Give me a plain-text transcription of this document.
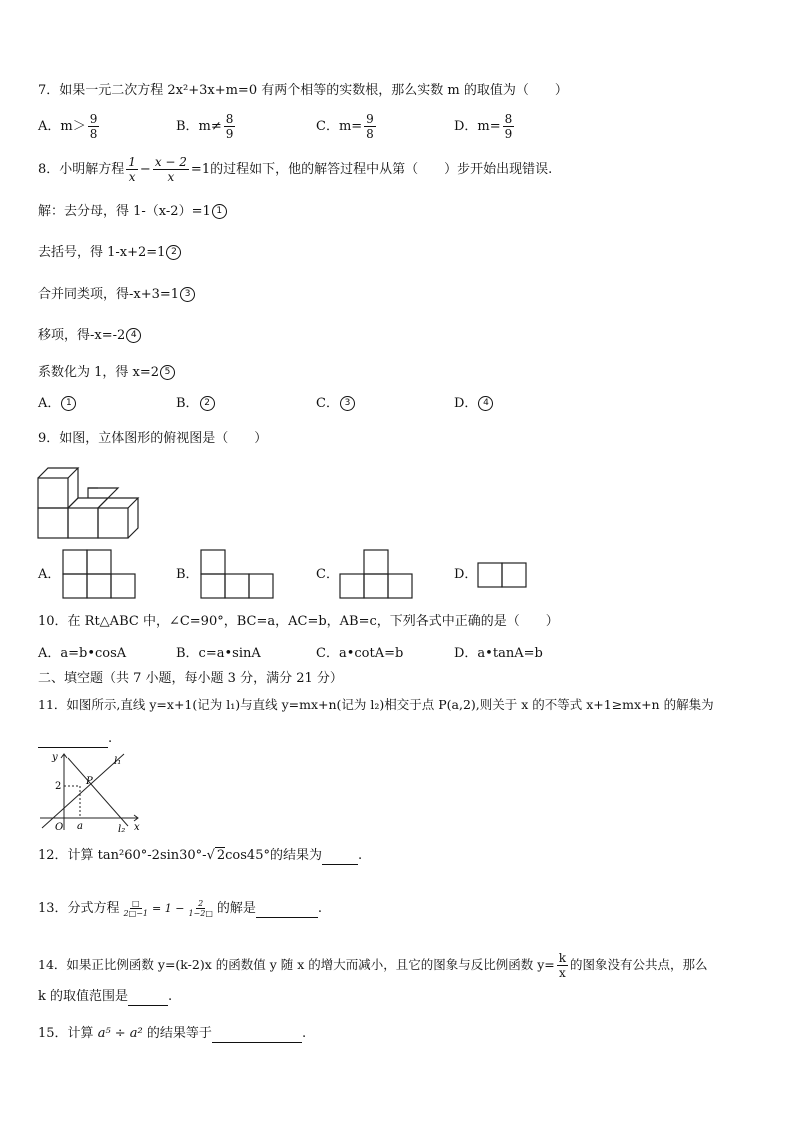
7．如果一元二次方程 2x²+3x+m=0 有两个相等的实数根，那么实数 m 的取值为（　　）
A．$m> \frac{9}{8}$	B．$m\ne \frac{8}{9}$	C．$m= \frac{9}{8}$	D．$m= \frac{8}{9}$
8．小明解方程 $\frac{1}{x} - \frac{x - 2}{x} =1$的过程如下，他的解答过程中从第（　　）步开始出现错误.
解：去分母，得 1-（x-2）=1 1
去括号，得 1-x+2=1 2
合并同类项，得-x+3=1 3
移项，得-x=-2 4
系数化为 1，得 x=2 5
A． 1	B． 2	C． 3	D． 4
9．如图，立体图形的俯视图是（　　）
A．	B．	C．	D．
10．在 Rt△ABC 中，∠C=90°，BC=a，AC=b，AB=c，下列各式中正确的是（　　）
A．a=b•cosA	B．c=a•sinA	C．a•cotA=b	D．a•tanA=b
二、填空题（共 7 小题，每小题 3 分，满分 21 分）
11．如图所示,直线 y=x+1(记为 l₁)与直线 y=mx+n(记为 l₂)相交于点 P(a,2),则关于 x 的不等式 x+1≥mx+n 的解集为
.
y
x
O a
2 P
l₁
l₂
12．计算 tan²60°-2sin30°-√ 2cos45°的结果为	.
13．分式方程 $\frac{□}{2□-1} = 1 - \frac{2}{1-2□}$ 的解是	.
14．如果正比例函数 y=(k-2)x 的函数值 y 随 x 的增大而减小，且它的图象与反比例函数 $y= \frac{k}{x}$ 的图象没有公共点，那么
k 的取值范围是	.
15．计算 a⁵ ÷ a² 的结果等于	.
